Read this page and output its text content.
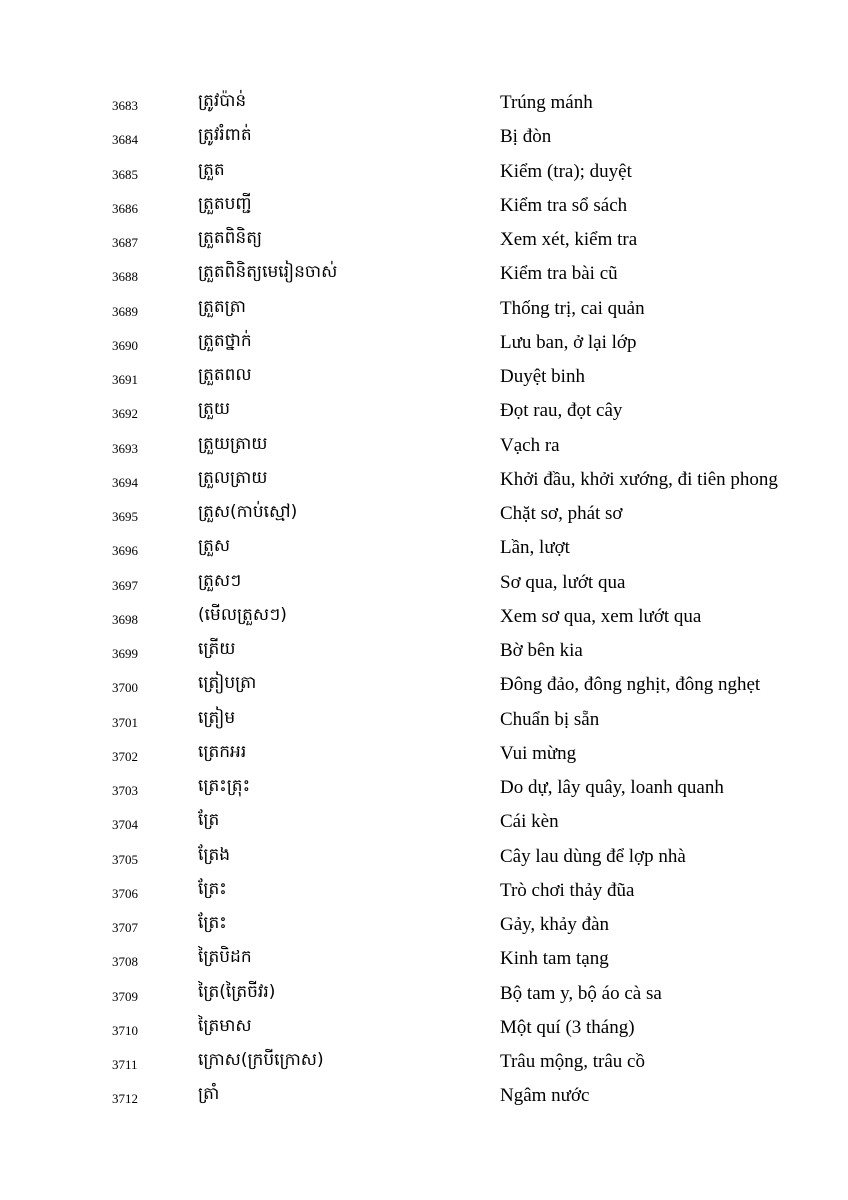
3683	ត្រូវប៉ាន់	Trúng mánh
3684	ត្រូវរំពាត់	Bị đòn
3685	ត្រួត	Kiểm (tra); duyệt
3686	ត្រួតបញ្ជី	Kiểm tra sổ sách
3687	ត្រួតពិនិត្យ	Xem xét, kiểm tra
3688	ត្រួតពិនិត្យមេរៀនចាស់	Kiểm tra bài cũ
3689	ត្រួតត្រា	Thống trị, cai quản
3690	ត្រួតថ្នាក់	Lưu ban, ở lại lớp
3691	ត្រួតពល	Duyệt binh
3692	ត្រួយ	Đọt rau, đọt cây
3693	ត្រួយត្រាយ	Vạch ra
3694	ត្រួលត្រាយ	Khởi đầu, khởi xướng, đi tiên phong
3695	ត្រួស(កាប់ស្មៅ)	Chặt sơ, phát sơ
3696	ត្រួស	Lần, lượt
3697	ត្រួសៗ	Sơ qua, lướt qua
3698	(មើលត្រួសៗ)	Xem sơ qua, xem lướt qua
3699	ត្រើយ	Bờ bên kia
3700	ត្រៀបត្រា	Đông đảo, đông nghịt, đông nghẹt
3701	ត្រៀម	Chuẩn bị sẵn
3702	ត្រេកអរ	Vui mừng
3703	ត្រេះត្រុះ	Do dự, lây quây, loanh quanh
3704	ត្រែ	Cái kèn
3705	ត្រែង	Cây lau dùng để lợp nhà
3706	ត្រែះ	Trò chơi thảy đũa
3707	ត្រែះ	Gảy, khảy đàn
3708	ត្រៃបិដក	Kinh tam tạng
3709	ត្រៃ(ត្រៃចីវរ)	Bộ tam y, bộ áo cà sa
3710	ត្រៃមាស	Một quí (3 tháng)
3711	ក្រោស(ក្របីក្រោស)	Trâu mộng, trâu cồ
3712	ត្រាំ	Ngâm nước
